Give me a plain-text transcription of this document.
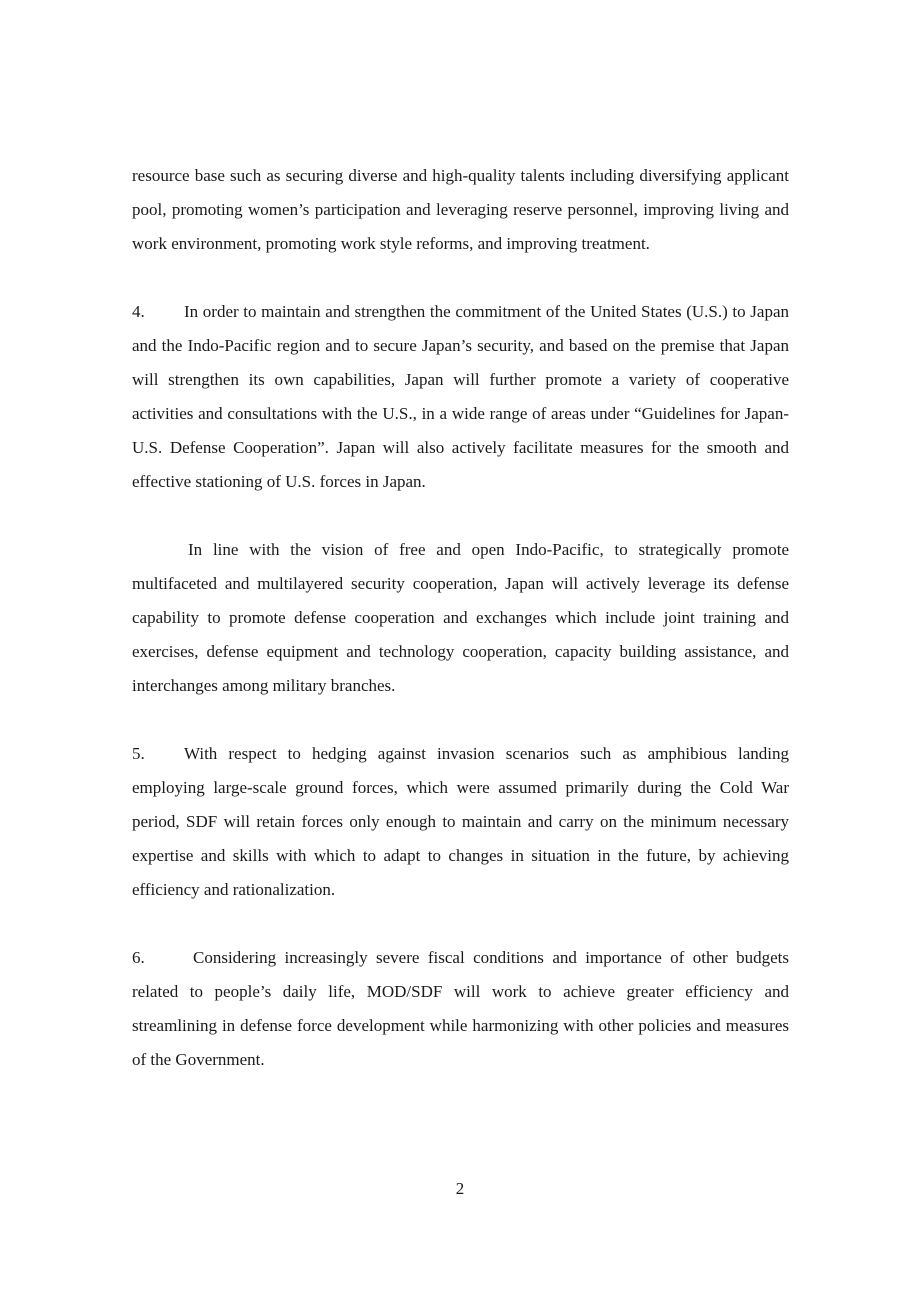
resource base such as securing diverse and high-quality talents including diversifying applicant pool, promoting women’s participation and leveraging reserve personnel, improving living and work environment, promoting work style reforms, and improving treatment.

4. In order to maintain and strengthen the commitment of the United States (U.S.) to Japan and the Indo-Pacific region and to secure Japan’s security, and based on the premise that Japan will strengthen its own capabilities, Japan will further promote a variety of cooperative activities and consultations with the U.S., in a wide range of areas under “Guidelines for Japan-U.S. Defense Cooperation”. Japan will also actively facilitate measures for the smooth and effective stationing of U.S. forces in Japan.

In line with the vision of free and open Indo-Pacific, to strategically promote multifaceted and multilayered security cooperation, Japan will actively leverage its defense capability to promote defense cooperation and exchanges which include joint training and exercises, defense equipment and technology cooperation, capacity building assistance, and interchanges among military branches.

5. With respect to hedging against invasion scenarios such as amphibious landing employing large-scale ground forces, which were assumed primarily during the Cold War period, SDF will retain forces only enough to maintain and carry on the minimum necessary expertise and skills with which to adapt to changes in situation in the future, by achieving efficiency and rationalization.

6.	Considering increasingly severe fiscal conditions and importance of other budgets related to people’s daily life, MOD/SDF will work to achieve greater efficiency and streamlining in defense force development while harmonizing with other policies and measures of the Government.

2
